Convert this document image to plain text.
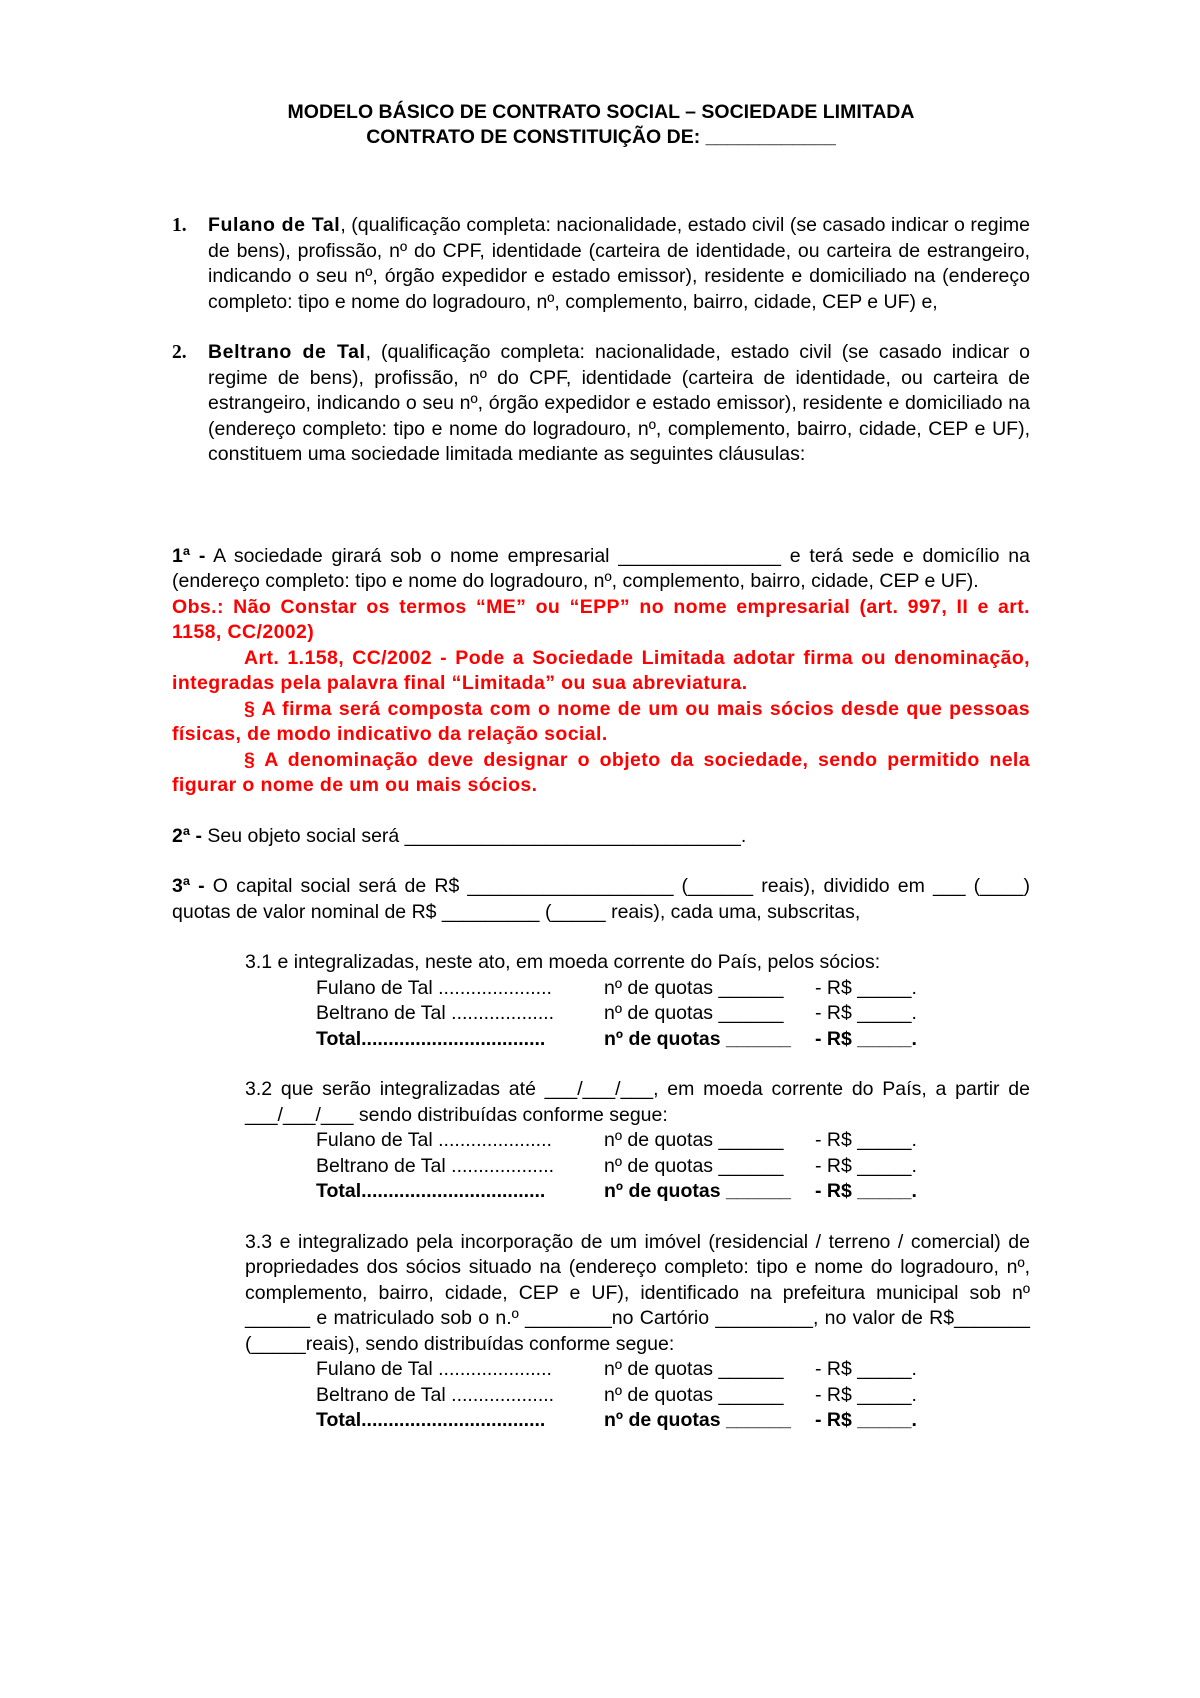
MODELO BÁSICO DE CONTRATO SOCIAL – SOCIEDADE LIMITADA
CONTRATO DE CONSTITUIÇÃO DE: ____________
1. Fulano de Tal, (qualificação completa: nacionalidade, estado civil (se casado indicar o regime de bens), profissão, nº do CPF, identidade (carteira de identidade, ou carteira de estrangeiro, indicando o seu nº, órgão expedidor e estado emissor), residente e domiciliado na (endereço completo: tipo e nome do logradouro, nº, complemento, bairro, cidade, CEP e UF) e,
2. Beltrano de Tal, (qualificação completa: nacionalidade, estado civil (se casado indicar o regime de bens), profissão, nº do CPF, identidade (carteira de identidade, ou carteira de estrangeiro, indicando o seu nº, órgão expedidor e estado emissor), residente e domiciliado na (endereço completo: tipo e nome do logradouro, nº, complemento, bairro, cidade, CEP e UF), constituem uma sociedade limitada mediante as seguintes cláusulas:
1ª - A sociedade girará sob o nome empresarial _______________ e terá sede e domicílio na (endereço completo: tipo e nome do logradouro, nº, complemento, bairro, cidade, CEP e UF).
Obs.: Não Constar os termos “ME” ou “EPP” no nome empresarial (art. 997, II e art. 1158, CC/2002)
Art. 1.158, CC/2002 - Pode a Sociedade Limitada adotar firma ou denominação, integradas pela palavra final “Limitada” ou sua abreviatura.
§ A firma será composta com o nome de um ou mais sócios desde que pessoas físicas, de modo indicativo da relação social.
§ A denominação deve designar o objeto da sociedade, sendo permitido nela figurar o nome de um ou mais sócios.
2ª - Seu objeto social será _______________________________.
3ª - O capital social será de R$ ___________________ (______ reais), dividido em ___ (____) quotas de valor nominal de R$ _________ (_____ reais), cada uma, subscritas,
3.1 e integralizadas, neste ato, em moeda corrente do País, pelos sócios:
Fulano de Tal .....................	nº de quotas ______ - R$ _____.
Beltrano de Tal ...................	nº de quotas ______ - R$ _____.
Total..................................	nº de quotas ______ - R$ _____.
3.2 que serão integralizadas até ___/___/___, em moeda corrente do País, a partir de ___/___/___ sendo distribuídas conforme segue:
Fulano de Tal .....................	nº de quotas ______ - R$ _____.
Beltrano de Tal ...................	nº de quotas ______ - R$ _____.
Total..................................	nº de quotas ______ - R$ _____.
3.3 e integralizado pela incorporação de um imóvel (residencial / terreno / comercial) de propriedades dos sócios situado na (endereço completo: tipo e nome do logradouro, nº, complemento, bairro, cidade, CEP e UF), identificado na prefeitura municipal sob nº ______ e matriculado sob o n.º ________no Cartório _________, no valor de R$_______ (_____reais), sendo distribuídas conforme segue:
Fulano de Tal .....................	nº de quotas ______ - R$ _____.
Beltrano de Tal ...................	nº de quotas ______ - R$ _____.
Total..................................	nº de quotas ______ - R$ _____.
